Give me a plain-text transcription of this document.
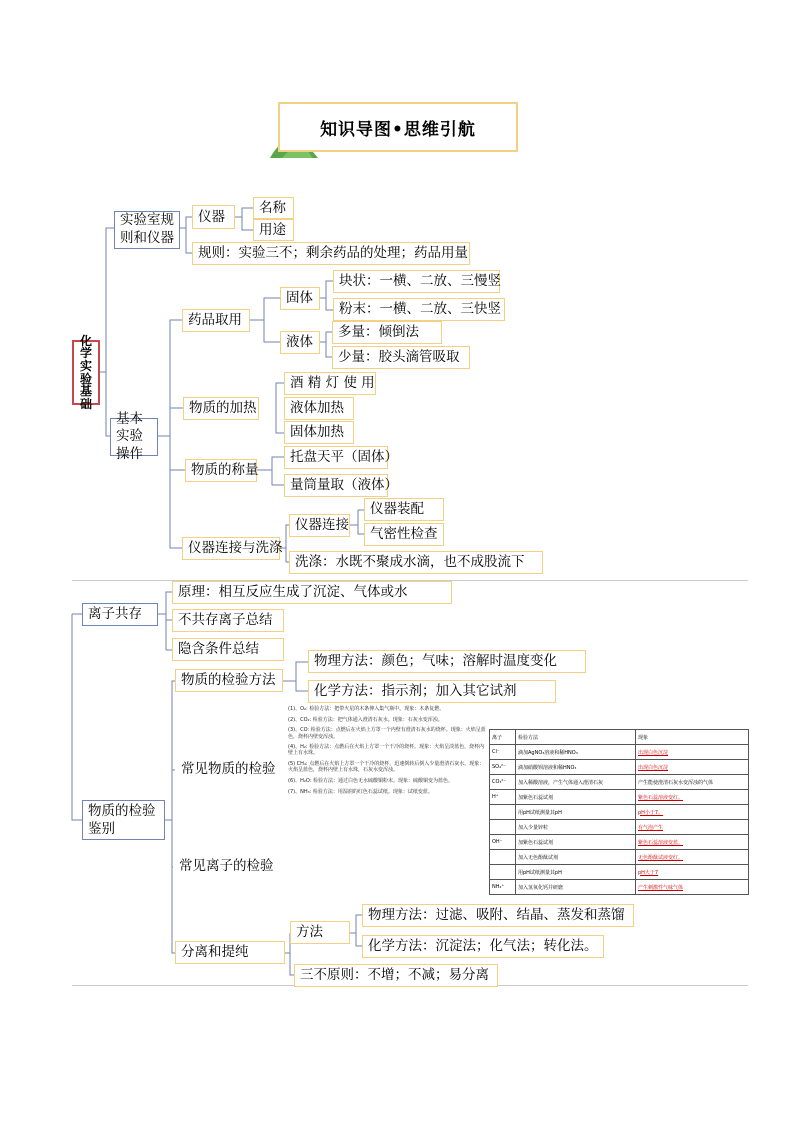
知识导图•思维引航
化学实验基础
实验室规则和仪器
仪器
名称
用途
规则：实验三不；剩余药品的处理；药品用量
基本实验操作
药品取用
固体
块状：一横、二放、三慢竖
粉末：一横、二放、三快竖
液体
多量：倾倒法
少量：胶头滴管吸取
物质的加热
酒 精 灯 使 用
液体加热
固体加热
物质的称量
托盘天平（固体）
量筒量取（液体）
仪器连接与洗涤
仪器连接
仪器装配
气密性检查
洗涤：水既不聚成水滴，也不成股流下
离子共存
原理：相互反应生成了沉淀、气体或水
不共存离子总结
隐含条件总结
物质的检验 鉴别
物质的检验方法
物理方法：颜色；气味；溶解时温度变化
化学方法：指示剂；加入其它试剂
常见物质的检验
常见离子的检验
分离和提纯
方法
物理方法：过滤、吸附、结晶、蒸发和蒸馏
化学方法：沉淀法；化气法；转化法。
三不原则：不增；不减；易分离
(1)、O₂: 检验方法：把带火星的木条伸入集气瓶中。现象：木条复燃。
(2)、CO₂: 检验方法：把气体通入澄清石灰水。现象：石灰水变浑浊。
(3)、CO: 检验方法：点燃后在火焰上方罩一个内壁有澄清石灰水的烧杯。现象：火焰呈蓝色，烧杯内壁变浑浊。
(4)、H₂: 检验方法：点燃后在火焰上方罩一个干冷的烧杯。现象：火焰呈淡蓝色，烧杯内壁上有水珠。
(5) CH₄: 点燃后在火焰上方罩一个干冷的烧杯，迅速倒转后倒入少量澄清石灰水。现象：火焰呈蓝色，烧杯内壁上有水珠，石灰水变浑浊。
(6)、H₂O: 检验方法：通过白色无水硫酸铜粉末。现象：硫酸铜变为蓝色。
(7)、NH₃: 检验方法：用湿润的红色石蕊试纸。现象：试纸变蓝。
离子	检验方法	现象
Cl⁻	滴加AgNO₃溶液和稀HNO₃	出现白色沉淀
SO₄²⁻	滴加硝酸钡溶液和稀HNO₃	出现白色沉淀
CO₃²⁻	加入稀酸溶液，产生气体通入澄清石灰	产生能使澄清石灰水变浑浊的气体
H⁺	加紫色石蕊试剂	紫色石蕊溶液变红。
	用pH试纸测量其pH	pH小于7。
	加入少量锌粒	有气泡产生
OH⁻	加紫色石蕊试剂	紫色石蕊溶液变蓝。
	加入无色酚酞试剂	无色酚酞试液变红。
	用pH试纸测量其pH	pH大于7
NH₄⁺	加入氢氧化钙并研磨	产生刺激性气味气体
